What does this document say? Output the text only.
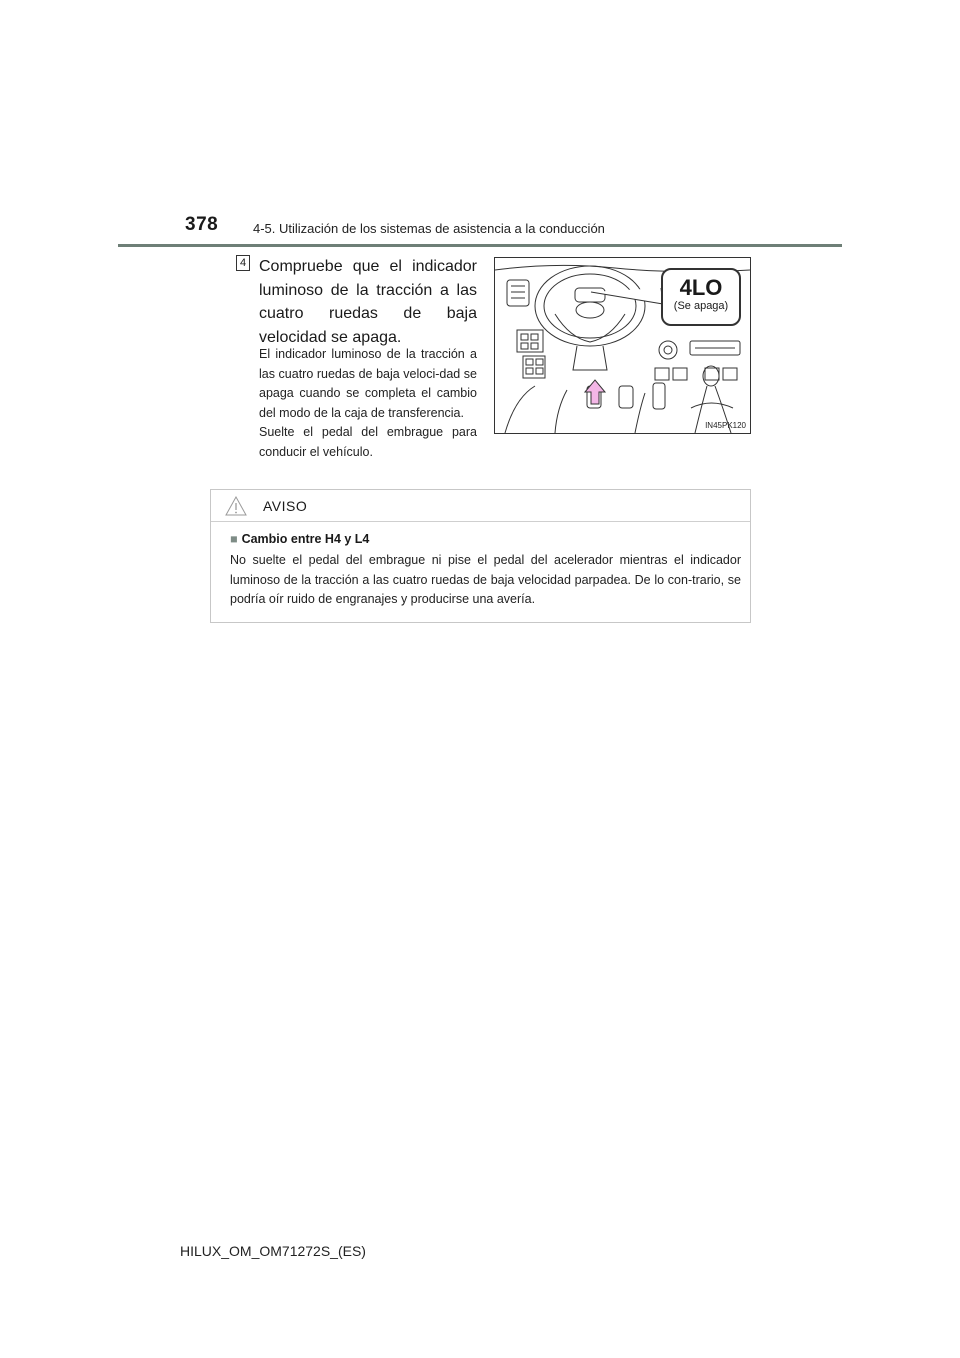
378	4-5. Utilización de los sistemas de asistencia a la conducción
4 Compruebe que el indicador luminoso de la tracción a las cuatro ruedas de baja velocidad se apaga.

El indicador luminoso de la tracción a las cuatro ruedas de baja veloci-dad se apaga cuando se completa el cambio del modo de la caja de transferencia.

Suelte el pedal del embrague para conducir el vehículo.

4LO
(Se apaga)
IN45PK120
AVISO
■ Cambio entre H4 y L4
No suelte el pedal del embrague ni pise el pedal del acelerador mientras el indicador luminoso de la tracción a las cuatro ruedas de baja velocidad parpadea. De lo con-trario, se podría oír ruido de engranajes y producirse una avería.
HILUX_OM_OM71272S_(ES)
